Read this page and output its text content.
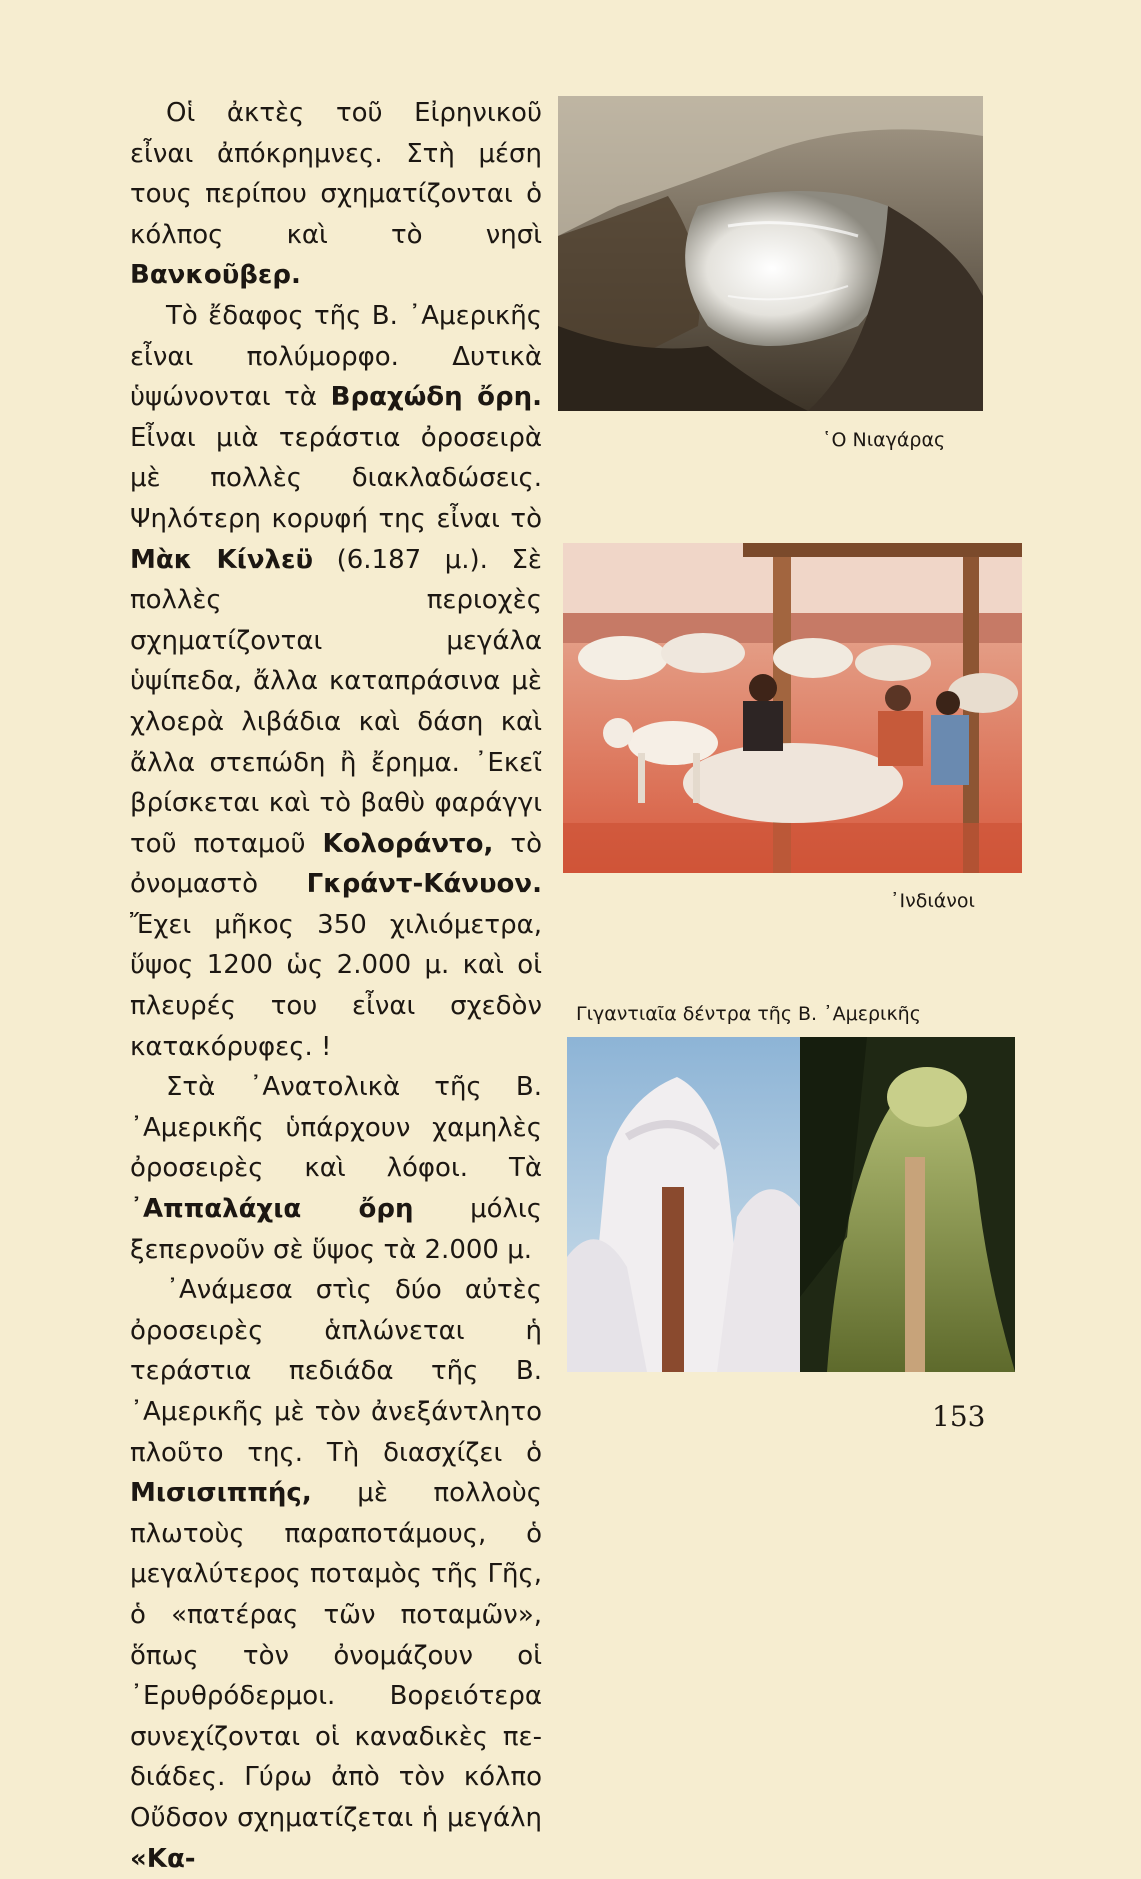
Οἱ ἀκτὲς τοῦ Εἰρηνικοῦ εἶναι ἀπόκρημνες. Στὴ μέση τους περίπου σχηματίζονται ὁ κόλπος καὶ τὸ νησὶ Βανκοῦβερ.

Τὸ ἔδαφος τῆς Β. ᾿Αμερικῆς εἶναι πολύμορφο. Δυτικὰ ὑψώνονται τὰ Βραχώδη ὄρη. Εἶναι μιὰ τεράστια ὀροσειρὰ μὲ πολλὲς διακλαδώσεις. Ψηλότερη κορυφή της εἶναι τὸ Μὰκ Κίνλεϋ (6.187 μ.). Σὲ πολλὲς περιοχὲς σχηματίζονται μεγάλα ὑψίπεδα, ἄλλα καταπράσινα μὲ χλοερὰ λιβάδια καὶ δάση καὶ ἄλλα στεπώδη ἢ ἔρημα. ᾿Εκεῖ βρίσκεται καὶ τὸ βαθὺ φαράγγι τοῦ ποταμοῦ Κολοράντο, τὸ ὀνομαστὸ Γκράντ-Κάνυον. Ἔχει μῆκος 350 χιλιόμετρα, ὕψος 1200 ὡς 2.000 μ. καὶ οἱ πλευρές του εἶναι σχεδὸν κατακόρυφες. !

Στὰ ᾿Ανατολικὰ τῆς Β. ᾿Αμερικῆς ὑπάρχουν χαμηλὲς ὀροσειρὲς καὶ λόφοι. Τὰ ᾿Αππαλάχια ὄρη μόλις ξεπερνοῦν σὲ ὕψος τὰ 2.000 μ.

᾿Ανάμεσα στὶς δύο αὐτὲς ὀροσειρὲς ἁπλώνεται ἡ τεράστια πεδιάδα τῆς Β. ᾿Αμερικῆς μὲ τὸν ἀνεξάντλητο πλοῦτο της. Τὴ διασχίζει ὁ Μισισιππής, μὲ πολλοὺς πλωτοὺς παραποτάμους, ὁ μεγαλύτερος ποταμὸς τῆς Γῆς, ὁ «πατέρας τῶν ποταμῶν», ὅπως τὸν ὀνομάζουν οἱ ᾿Ερυθρόδερμοι. Βορειότερα συνεχίζονται οἱ καναδικὲς πεδιάδες. Γύρω ἀπὸ τὸν κόλπο Οὔδσον σχηματίζεται ἡ μεγάλη «Κα-

῾Ο Νιαγάρας
᾿Ινδιάνοι
Γιγαντιαῖα δέντρα τῆς Β. ᾿Αμερικῆς
153
